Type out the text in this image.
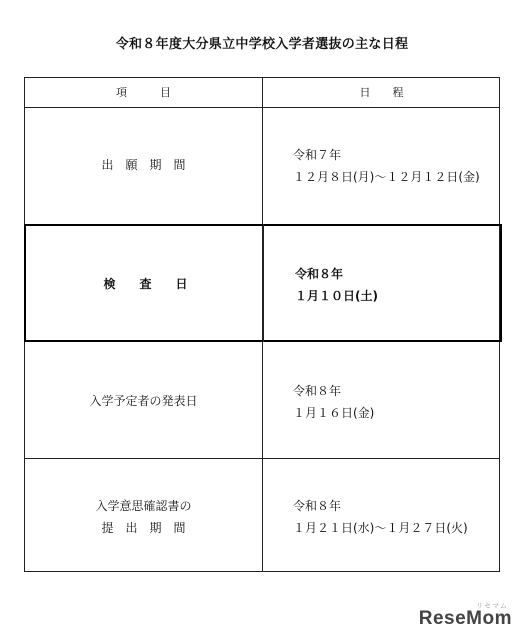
令和８年度大分県立中学校入学者選抜の主な日程
項　　　目	日　　程
出　願　期　間
令和７年
１２月８日(月)～１２月１２日(金)
検　　査　　日
令和８年
１月１０日(土)
入学予定者の発表日
令和８年
１月１６日(金)
入学意思確認書の
提　出　期　間
令和８年
１月２１日(水)～１月２７日(火)
ReseMom
リセマム
